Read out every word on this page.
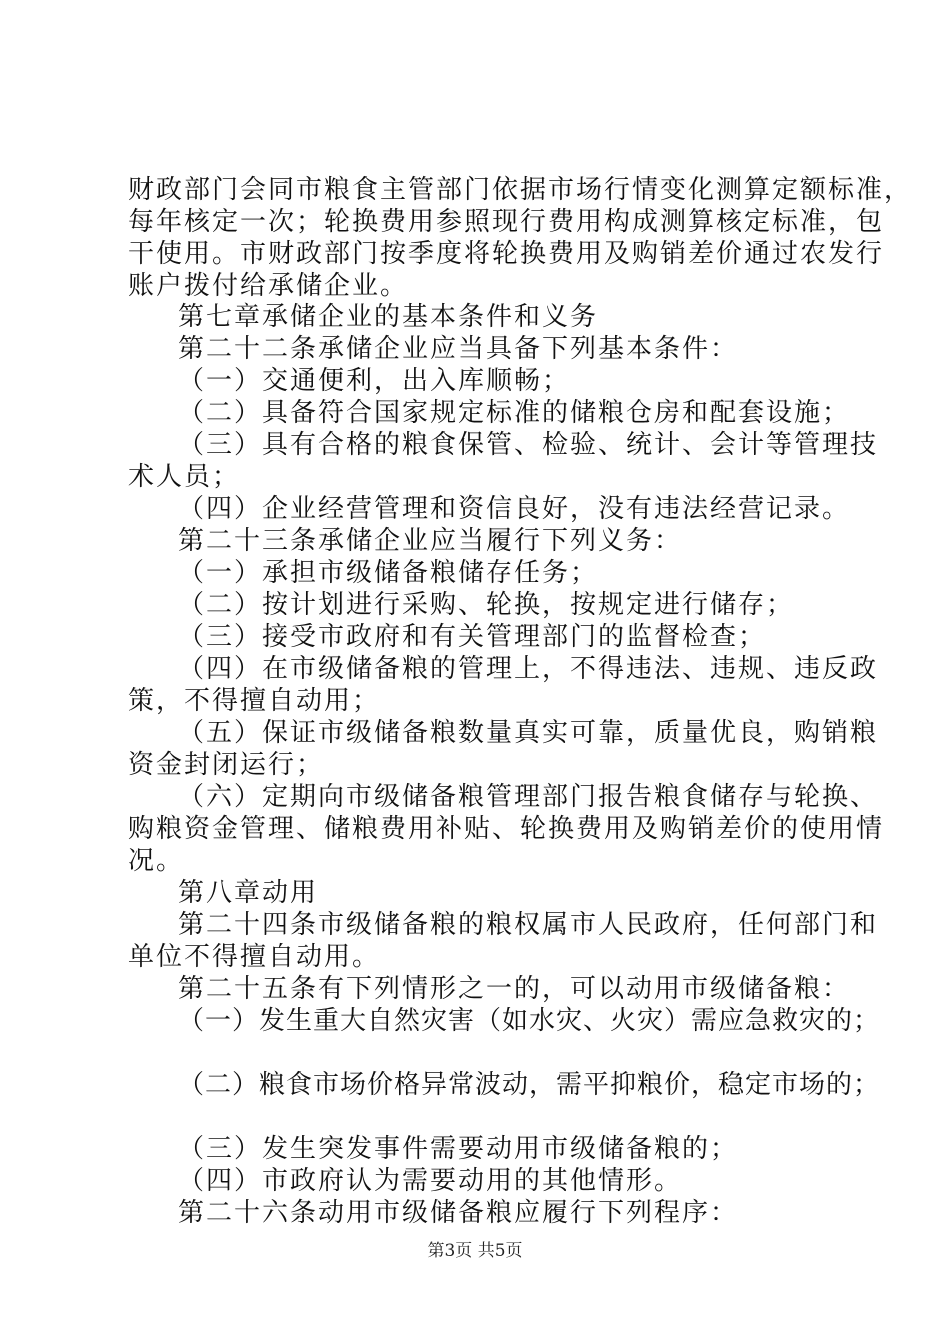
财政部门会同市粮食主管部门依据市场行情变化测算定额标准，
每年核定一次；轮换费用参照现行费用构成测算核定标准，包
干使用。市财政部门按季度将轮换费用及购销差价通过农发行
账户拨付给承储企业。
第七章承储企业的基本条件和义务
第二十二条承储企业应当具备下列基本条件：
（一）交通便利，出入库顺畅；
（二）具备符合国家规定标准的储粮仓房和配套设施；
（三）具有合格的粮食保管、检验、统计、会计等管理技
术人员；
（四）企业经营管理和资信良好，没有违法经营记录。
第二十三条承储企业应当履行下列义务：
（一）承担市级储备粮储存任务；
（二）按计划进行采购、轮换，按规定进行储存；
（三）接受市政府和有关管理部门的监督检查；
（四）在市级储备粮的管理上，不得违法、违规、违反政
策，不得擅自动用；
（五）保证市级储备粮数量真实可靠，质量优良，购销粮
资金封闭运行；
（六）定期向市级储备粮管理部门报告粮食储存与轮换、
购粮资金管理、储粮费用补贴、轮换费用及购销差价的使用情
况。
第八章动用
第二十四条市级储备粮的粮权属市人民政府，任何部门和
单位不得擅自动用。
第二十五条有下列情形之一的，可以动用市级储备粮：
（一）发生重大自然灾害（如水灾、火灾）需应急救灾的；
（二）粮食市场价格异常波动，需平抑粮价，稳定市场的；
（三）发生突发事件需要动用市级储备粮的；
（四）市政府认为需要动用的其他情形。
第二十六条动用市级储备粮应履行下列程序：
第3页 共5页
